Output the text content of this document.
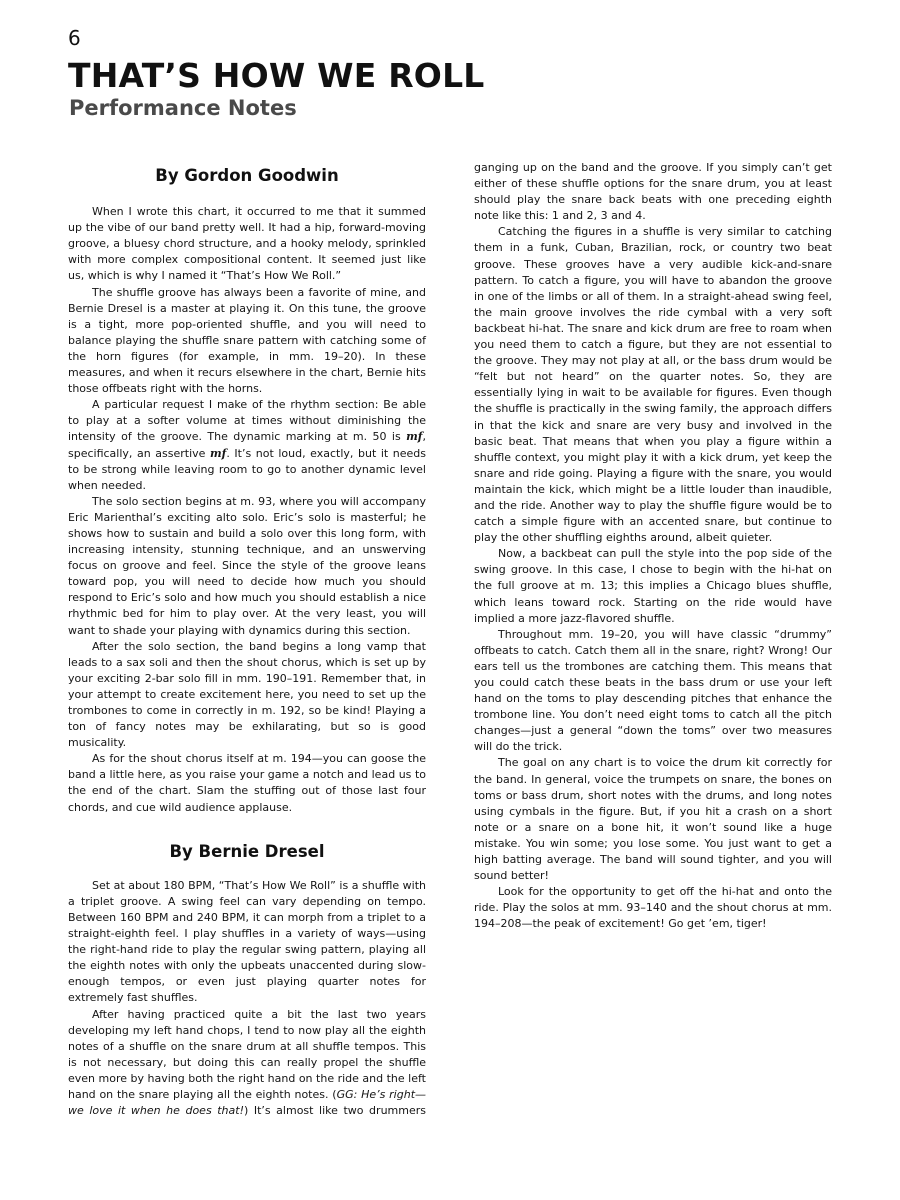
6
THAT’S HOW WE ROLL
Performance Notes
By Gordon Goodwin

When I wrote this chart, it occurred to me that it summed up the vibe of our band pretty well. It had a hip, forward-moving groove, a bluesy chord structure, and a hooky melody, sprinkled with more complex compositional content. It seemed just like us, which is why I named it “That’s How We Roll.”

The shuffle groove has always been a favorite of mine, and Bernie Dresel is a master at playing it. On this tune, the groove is a tight, more pop-oriented shuffle, and you will need to balance playing the shuffle snare pattern with catching some of the horn figures (for example, in mm. 19–20). In these measures, and when it recurs elsewhere in the chart, Bernie hits those offbeats right with the horns.

A particular request I make of the rhythm section: Be able to play at a softer volume at times without diminishing the intensity of the groove. The dynamic marking at m. 50 is mf, specifically, an assertive mf. It’s not loud, exactly, but it needs to be strong while leaving room to go to another dynamic level when needed.

The solo section begins at m. 93, where you will accompany Eric Marienthal’s exciting alto solo. Eric’s solo is masterful; he shows how to sustain and build a solo over this long form, with increasing intensity, stunning technique, and an unswerving focus on groove and feel. Since the style of the groove leans toward pop, you will need to decide how much you should respond to Eric’s solo and how much you should establish a nice rhythmic bed for him to play over. At the very least, you will want to shade your playing with dynamics during this section.

After the solo section, the band begins a long vamp that leads to a sax soli and then the shout chorus, which is set up by your exciting 2-bar solo fill in mm. 190–191. Remember that, in your attempt to create excitement here, you need to set up the trombones to come in correctly in m. 192, so be kind! Playing a ton of fancy notes may be exhilarating, but so is good musicality.

As for the shout chorus itself at m. 194—you can goose the band a little here, as you raise your game a notch and lead us to the end of the chart. Slam the stuffing out of those last four chords, and cue wild audience applause.

By Bernie Dresel

Set at about 180 BPM, “That’s How We Roll” is a shuffle with a triplet groove. A swing feel can vary depending on tempo. Between 160 BPM and 240 BPM, it can morph from a triplet to a straight-eighth feel. I play shuffles in a variety of ways—using the right-hand ride to play the regular swing pattern, playing all the eighth notes with only the upbeats unaccented during slow-enough tempos, or even just playing quarter notes for extremely fast shuffles.

After having practiced quite a bit the last two years developing my left hand chops, I tend to now play all the eighth notes of a shuffle on the snare drum at all shuffle tempos. This is not necessary, but doing this can really propel the shuffle even more by having both the right hand on the ride and the left hand on the snare playing all the eighth notes. (GG: He’s right—we love it when he does that!) It’s almost like two drummers

ganging up on the band and the groove. If you simply can’t get either of these shuffle options for the snare drum, you at least should play the snare back beats with one preceding eighth note like this: 1 and 2, 3 and 4.

Catching the figures in a shuffle is very similar to catching them in a funk, Cuban, Brazilian, rock, or country two beat groove. These grooves have a very audible kick-and-snare pattern. To catch a figure, you will have to abandon the groove in one of the limbs or all of them. In a straight-ahead swing feel, the main groove involves the ride cymbal with a very soft backbeat hi-hat. The snare and kick drum are free to roam when you need them to catch a figure, but they are not essential to the groove. They may not play at all, or the bass drum would be “felt but not heard” on the quarter notes. So, they are essentially lying in wait to be available for figures. Even though the shuffle is practically in the swing family, the approach differs in that the kick and snare are very busy and involved in the basic beat. That means that when you play a figure within a shuffle context, you might play it with a kick drum, yet keep the snare and ride going. Playing a figure with the snare, you would maintain the kick, which might be a little louder than inaudible, and the ride. Another way to play the shuffle figure would be to catch a simple figure with an accented snare, but continue to play the other shuffling eighths around, albeit quieter.

Now, a backbeat can pull the style into the pop side of the swing groove. In this case, I chose to begin with the hi-hat on the full groove at m. 13; this implies a Chicago blues shuffle, which leans toward rock. Starting on the ride would have implied a more jazz-flavored shuffle.

Throughout mm. 19–20, you will have classic “drummy” offbeats to catch. Catch them all in the snare, right? Wrong! Our ears tell us the trombones are catching them. This means that you could catch these beats in the bass drum or use your left hand on the toms to play descending pitches that enhance the trombone line. You don’t need eight toms to catch all the pitch changes—just a general “down the toms” over two measures will do the trick.

The goal on any chart is to voice the drum kit correctly for the band. In general, voice the trumpets on snare, the bones on toms or bass drum, short notes with the drums, and long notes using cymbals in the figure. But, if you hit a crash on a short note or a snare on a bone hit, it won’t sound like a huge mistake. You win some; you lose some. You just want to get a high batting average. The band will sound tighter, and you will sound better!

Look for the opportunity to get off the hi-hat and onto the ride. Play the solos at mm. 93–140 and the shout chorus at mm. 194–208—the peak of excitement! Go get ’em, tiger!
